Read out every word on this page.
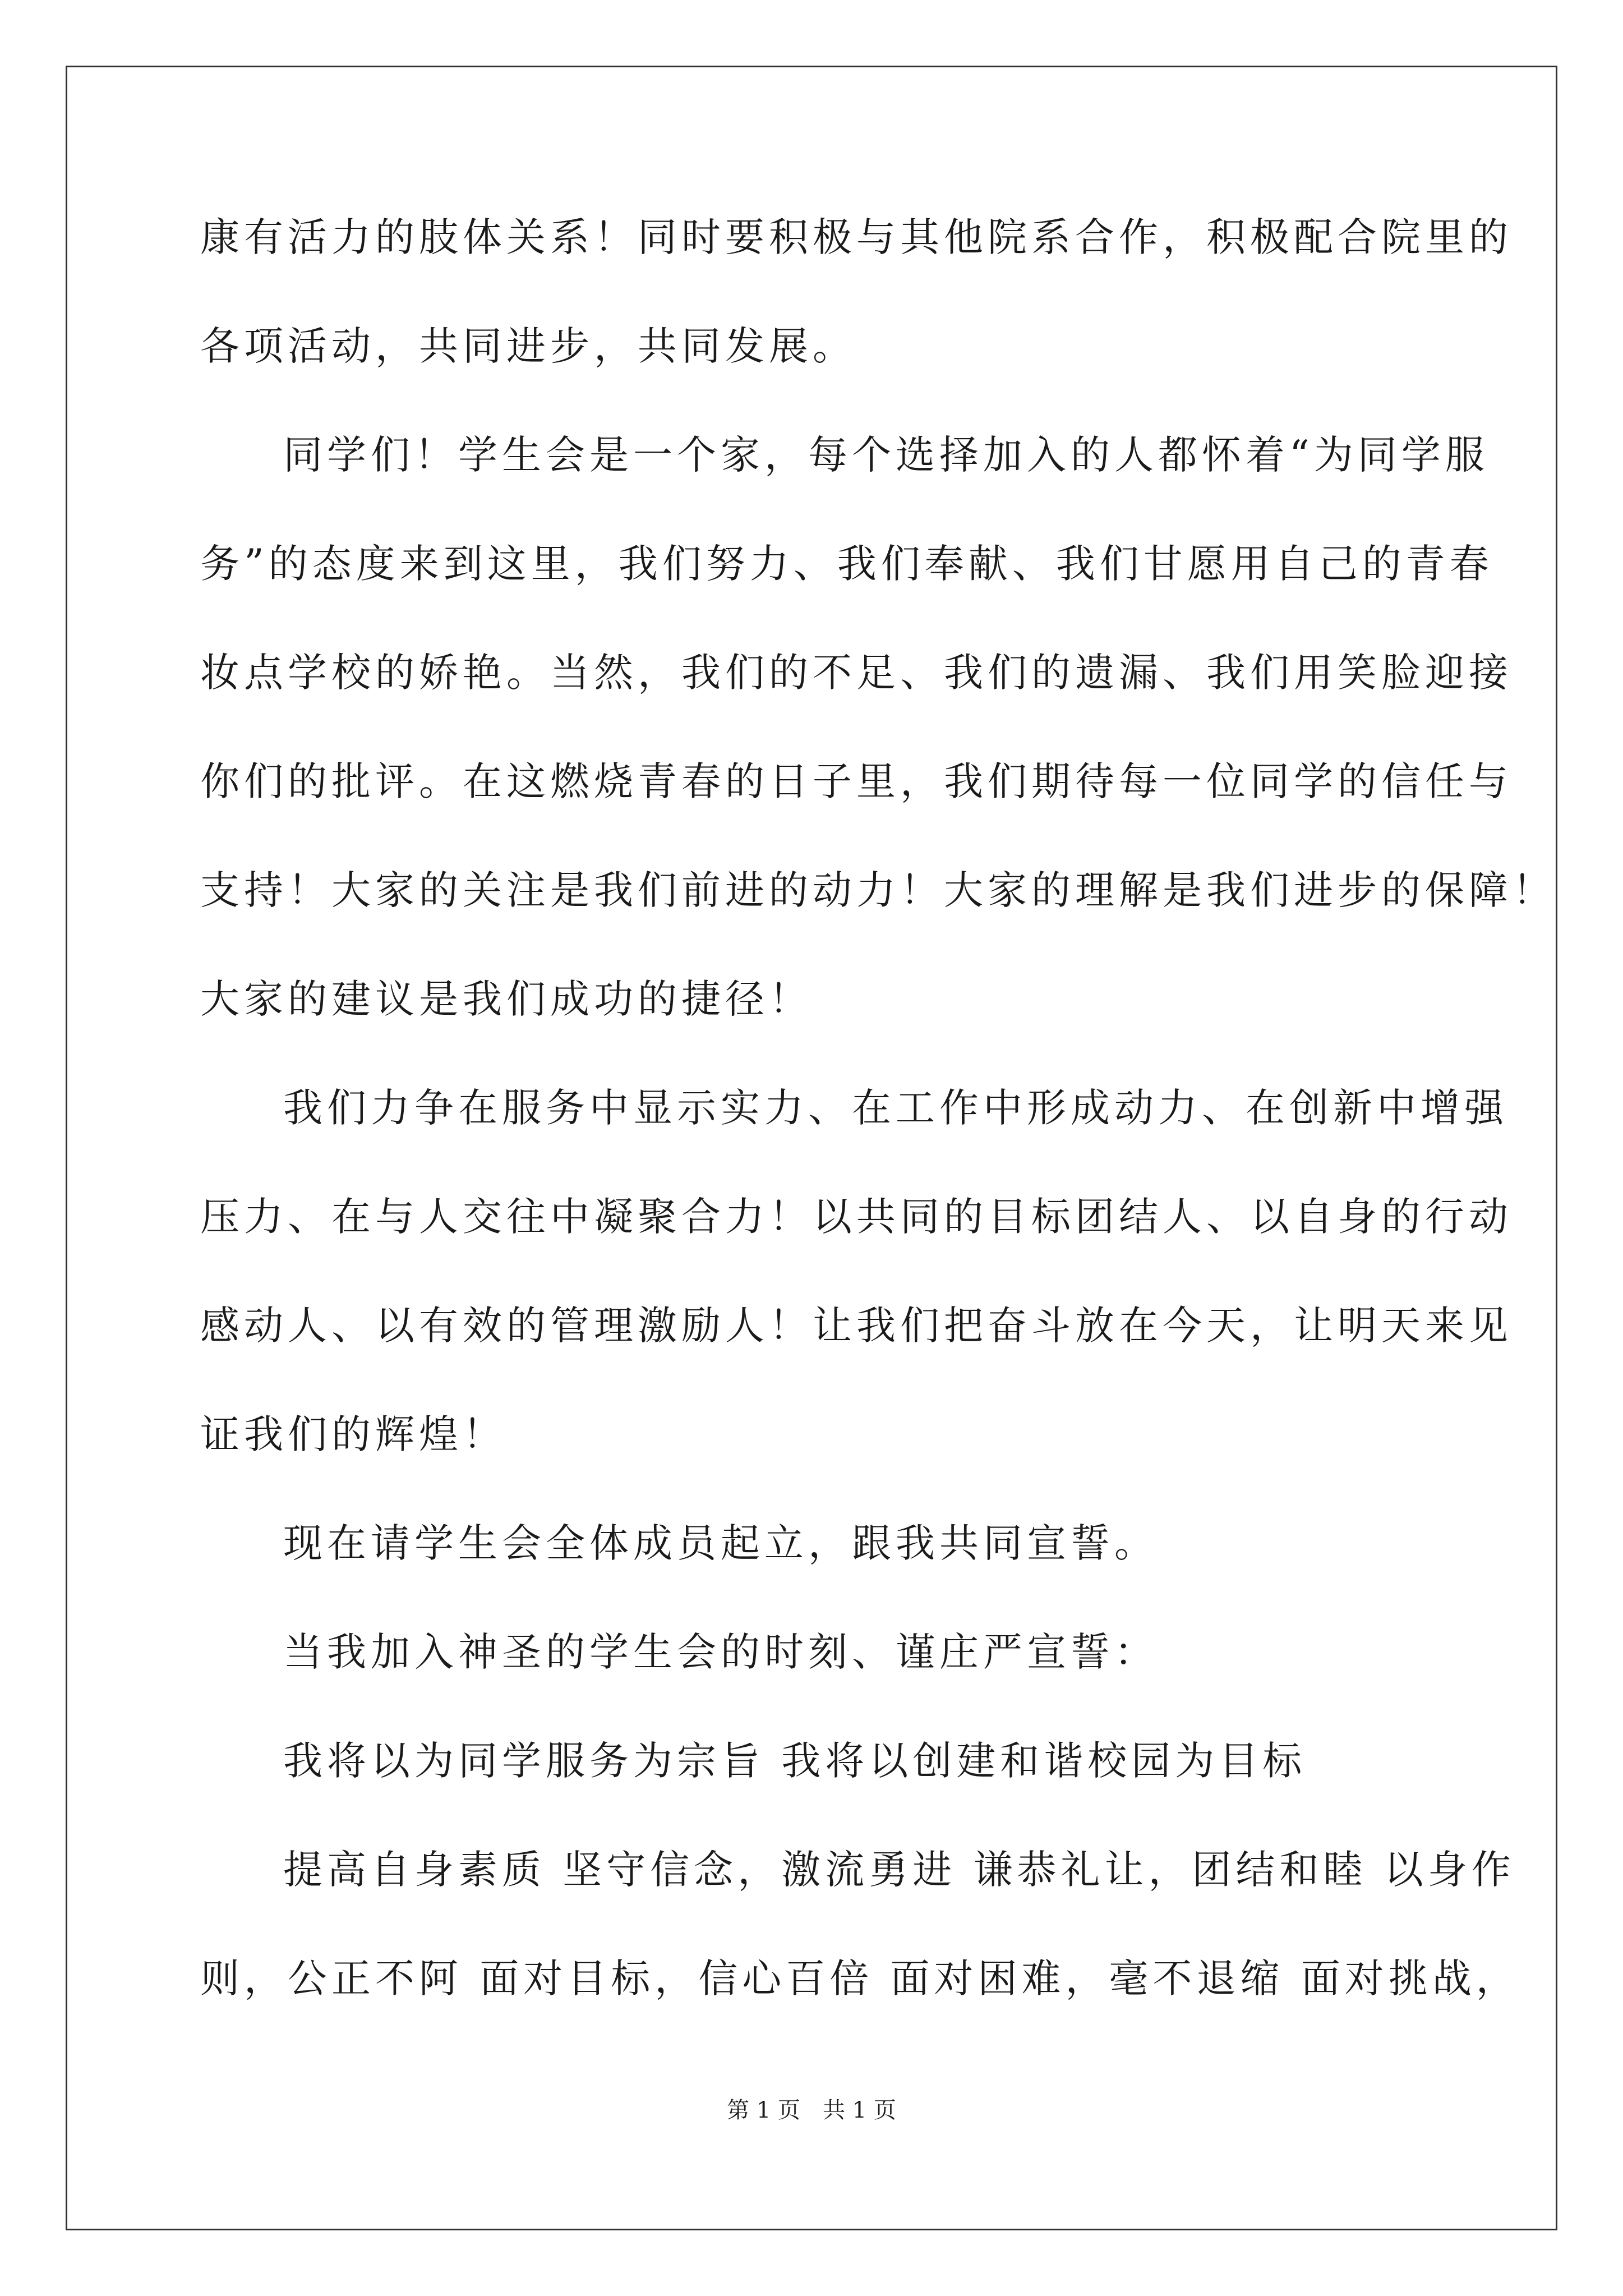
康有活力的肢体关系！同时要积极与其他院系合作，积极配合院里的
各项活动，共同进步，共同发展。
同学们！学生会是一个家，每个选择加入的人都怀着“为同学服
务”的态度来到这里，我们努力、我们奉献、我们甘愿用自己的青春
妆点学校的娇艳。当然，我们的不足、我们的遗漏、我们用笑脸迎接
你们的批评。在这燃烧青春的日子里，我们期待每一位同学的信任与
支持！大家的关注是我们前进的动力！大家的理解是我们进步的保障！
大家的建议是我们成功的捷径！
我们力争在服务中显示实力、在工作中形成动力、在创新中增强
压力、在与人交往中凝聚合力！以共同的目标团结人、以自身的行动
感动人、以有效的管理激励人！让我们把奋斗放在今天，让明天来见
证我们的辉煌！
现在请学生会全体成员起立，跟我共同宣誓。
当我加入神圣的学生会的时刻、谨庄严宣誓：
我将以为同学服务为宗旨 我将以创建和谐校园为目标
提高自身素质 坚守信念，激流勇进 谦恭礼让，团结和睦 以身作
则，公正不阿 面对目标，信心百倍 面对困难，毫不退缩 面对挑战，
第 1 页　共 1 页
